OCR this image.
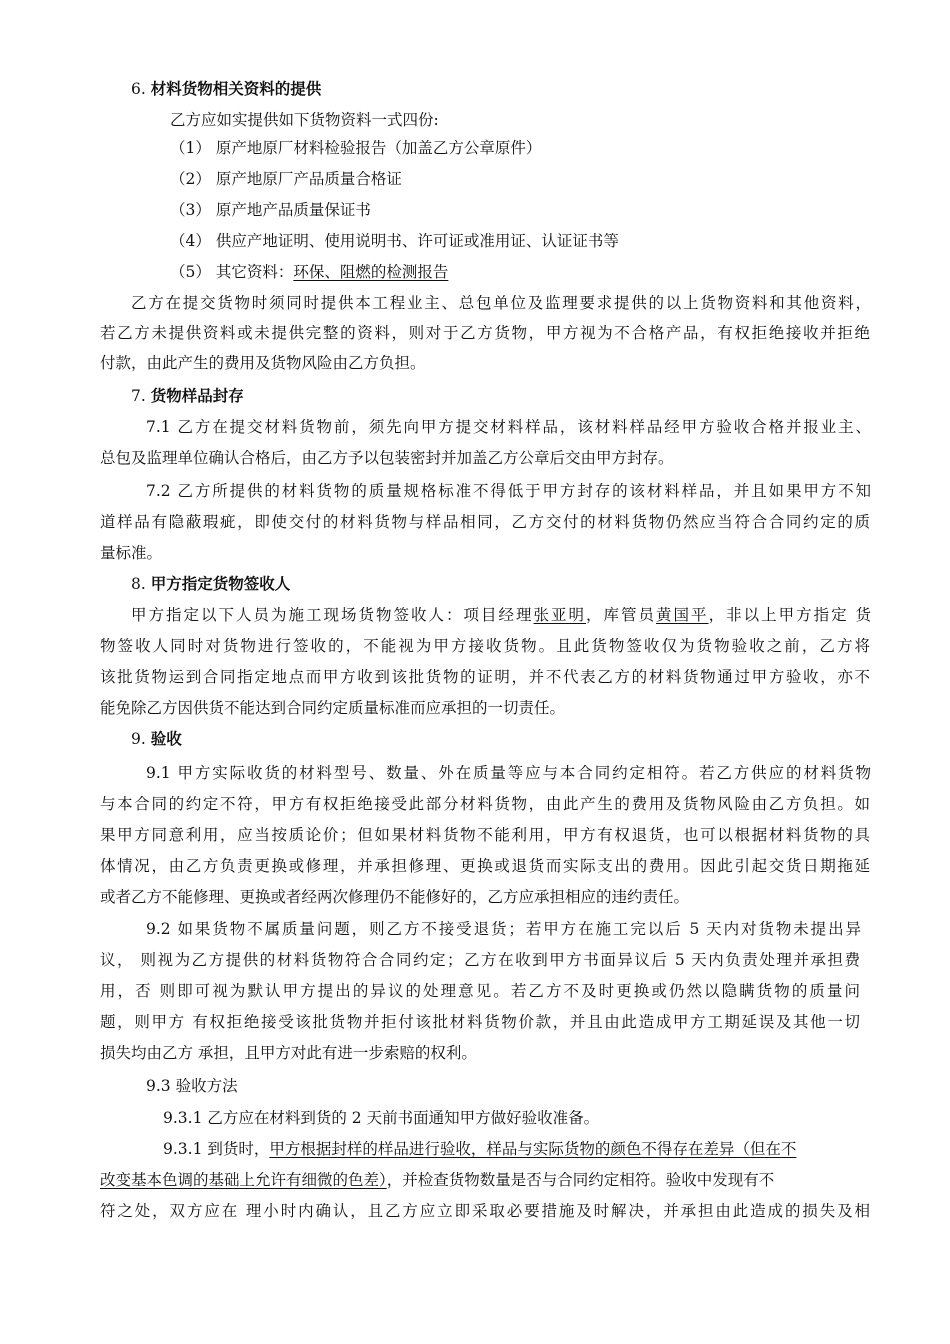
6. 材料货物相关资料的提供
乙方应如实提供如下货物资料一式四份:
（1） 原产地原厂材料检验报告（加盖乙方公章原件）
（2） 原产地原厂产品质量合格证
（3） 原产地产品质量保证书
（4） 供应产地证明、使用说明书、许可证或准用证、认证证书等
（5） 其它资料：环保、阻燃的检测报告
乙方在提交货物时须同时提供本工程业主、总包单位及监理要求提供的以上货物资料和其他资料，
若乙方未提供资料或未提供完整的资料，则对于乙方货物，甲方视为不合格产品，有权拒绝接收并拒绝
付款，由此产生的费用及货物风险由乙方负担。
7. 货物样品封存
7.1 乙方在提交材料货物前，须先向甲方提交材料样品，该材料样品经甲方验收合格并报业主、
总包及监理单位确认合格后，由乙方予以包装密封并加盖乙方公章后交由甲方封存。
7.2 乙方所提供的材料货物的质量规格标准不得低于甲方封存的该材料样品，并且如果甲方不知
道样品有隐蔽瑕疵，即使交付的材料货物与样品相同，乙方交付的材料货物仍然应当符合合同约定的质
量标准。
8. 甲方指定货物签收人
甲方指定以下人员为施工现场货物签收人：项目经理张亚明，库管员黄国平，非以上甲方指定 货
物签收人同时对货物进行签收的，不能视为甲方接收货物。且此货物签收仅为货物验收之前，乙方将
该批货物运到合同指定地点而甲方收到该批货物的证明，并不代表乙方的材料货物通过甲方验收，亦不
能免除乙方因供货不能达到合同约定质量标准而应承担的一切责任。
9. 验收
9.1 甲方实际收货的材料型号、数量、外在质量等应与本合同约定相符。若乙方供应的材料货物
与本合同的约定不符，甲方有权拒绝接受此部分材料货物，由此产生的费用及货物风险由乙方负担。如
果甲方同意利用，应当按质论价；但如果材料货物不能利用，甲方有权退货，也可以根据材料货物的具
体情况，由乙方负责更换或修理，并承担修理、更换或退货而实际支出的费用。因此引起交货日期拖延
或者乙方不能修理、更换或者经两次修理仍不能修好的，乙方应承担相应的违约责任。
9.2 如果货物不属质量问题，则乙方不接受退货；若甲方在施工完以后 5 天内对货物未提出异
议， 则视为乙方提供的材料货物符合合同约定；乙方在收到甲方书面异议后 5 天内负责处理并承担费
用，否 则即可视为默认甲方提出的异议的处理意见。若乙方不及时更换或仍然以隐瞒货物的质量问
题，则甲方 有权拒绝接受该批货物并拒付该批材料货物价款，并且由此造成甲方工期延误及其他一切
损失均由乙方 承担，且甲方对此有进一步索赔的权利。
9.3 验收方法
9.3.1 乙方应在材料到货的 2 天前书面通知甲方做好验收准备。
9.3.1 到货时，甲方根据封样的样品进行验收，样品与实际货物的颜色不得存在差异（但在不
改变基本色调的基础上允许有细微的色差），并检查货物数量是否与合同约定相符。验收中发现有不
符之处，双方应在 理小时内确认，且乙方应立即采取必要措施及时解决，并承担由此造成的损失及相
